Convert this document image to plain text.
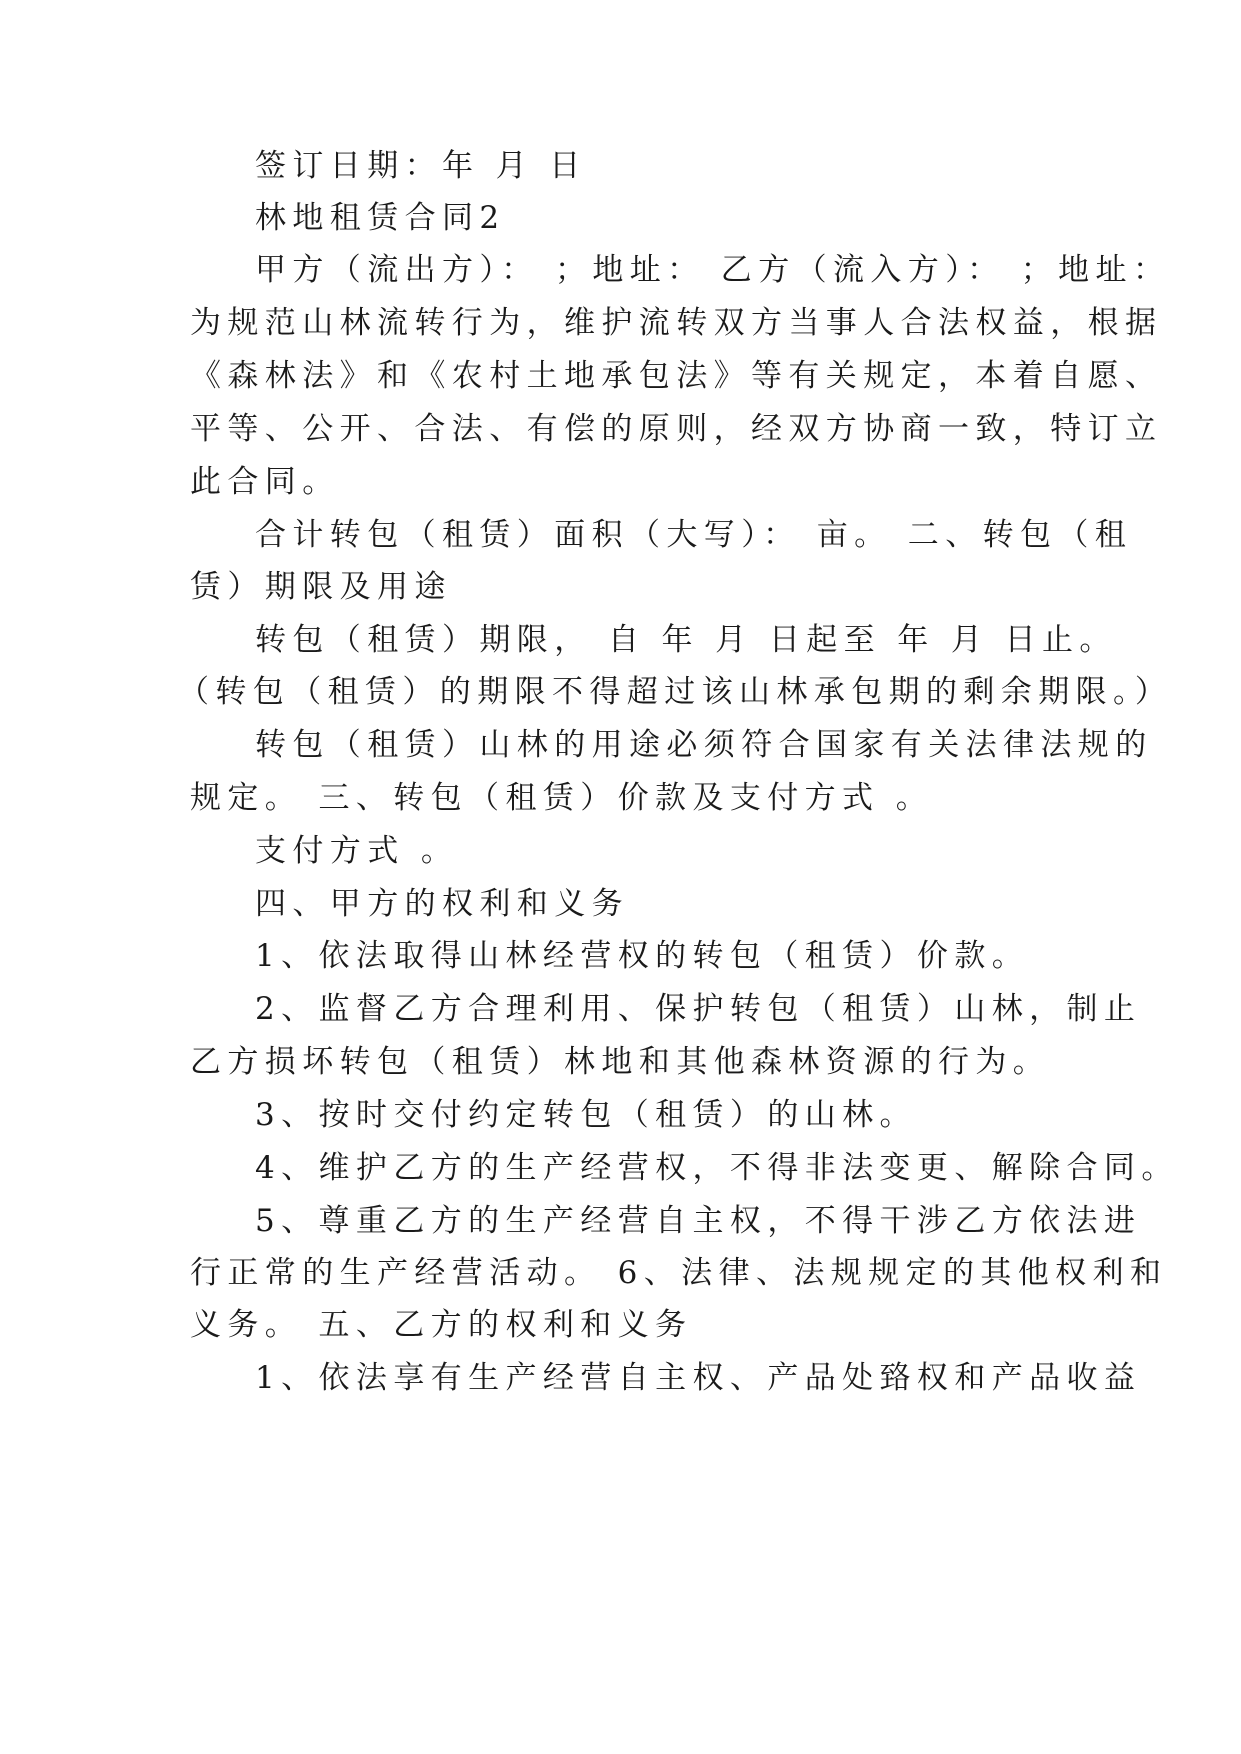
签订日期：年 月 日
林地租赁合同2
甲方（流出方）： ；地址： 乙方（流入方）： ；地址：
为规范山林流转行为，维护流转双方当事人合法权益，根据
《森林法》和《农村土地承包法》等有关规定，本着自愿、
平等、公开、合法、有偿的原则，经双方协商一致，特订立
此合同。
合计转包（租赁）面积（大写）： 亩。 二、转包（租
赁）期限及用途
转包（租赁）期限， 自 年 月 日起至 年 月 日止。
（转包（租赁）的期限不得超过该山林承包期的剩余期限。）
转包（租赁）山林的用途必须符合国家有关法律法规的
规定。 三、转包（租赁）价款及支付方式 。
支付方式 。
四、甲方的权利和义务
1、依法取得山林经营权的转包（租赁）价款。
2、监督乙方合理利用、保护转包（租赁）山林，制止
乙方损坏转包（租赁）林地和其他森林资源的行为。
3、按时交付约定转包（租赁）的山林。
4、维护乙方的生产经营权，不得非法变更、解除合同。
5、尊重乙方的生产经营自主权，不得干涉乙方依法进
行正常的生产经营活动。 6、法律、法规规定的其他权利和
义务。 五、乙方的权利和义务
1、依法享有生产经营自主权、产品处臵权和产品收益
